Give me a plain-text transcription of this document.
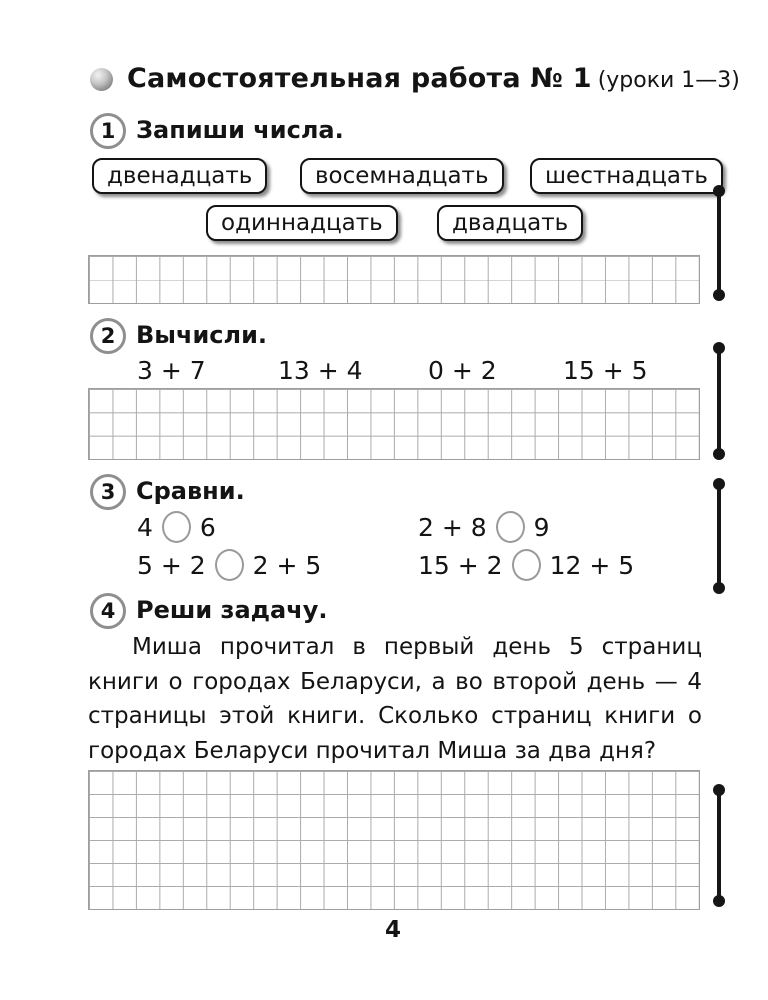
Самостоятельная работа № 1 (уроки 1—3)
1 Запиши числа.
двенадцать	восемнадцать	шестнадцать
одиннадцать	двадцать
2 Вычисли.
3 + 7	13 + 4	0 + 2	15 + 5
3 Сравни.
4 6	2 + 8 9
5 + 2 2 + 5	15 + 2 12 + 5
4 Реши задачу.
Миша прочитал в первый день 5 страниц книги о городах Беларуси, а во второй день — 4 страницы этой книги. Сколько страниц книги о городах Беларуси прочитал Миша за два дня?
4
